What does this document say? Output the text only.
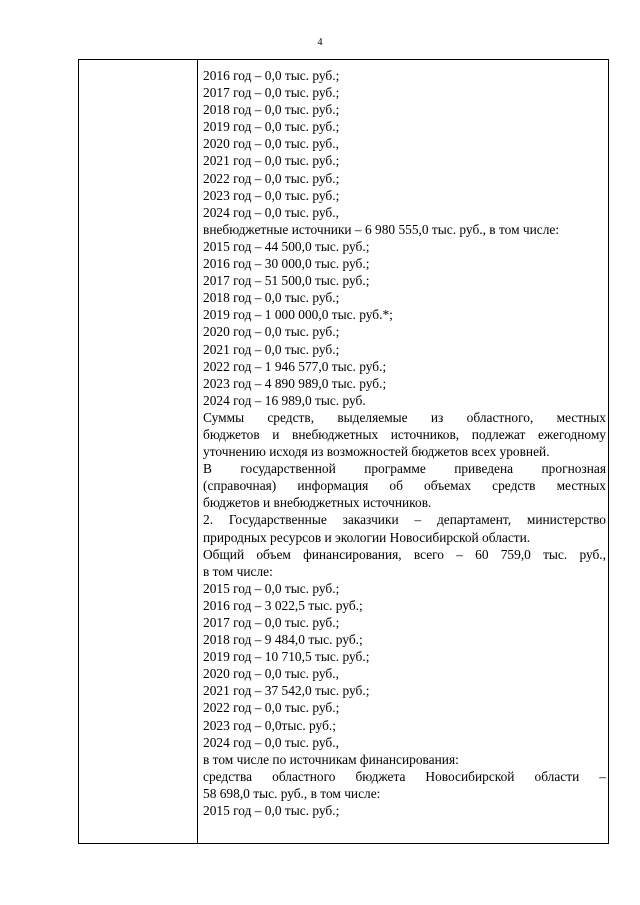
4
2016 год – 0,0 тыс. руб.;
2017 год – 0,0 тыс. руб.;
2018 год – 0,0 тыс. руб.;
2019 год – 0,0 тыс. руб.;
2020 год – 0,0 тыс. руб.,
2021 год – 0,0 тыс. руб.;
2022 год – 0,0 тыс. руб.;
2023 год – 0,0 тыс. руб.;
2024 год – 0,0 тыс. руб.,
внебюджетные источники – 6 980 555,0 тыс. руб., в том числе:
2015 год – 44 500,0 тыс. руб.;
2016 год – 30 000,0 тыс. руб.;
2017 год – 51 500,0 тыс. руб.;
2018 год – 0,0 тыс. руб.;
2019 год – 1 000 000,0 тыс. руб.*;
2020 год – 0,0 тыс. руб.;
2021 год – 0,0 тыс. руб.;
2022 год – 1 946 577,0 тыс. руб.;
2023 год – 4 890 989,0 тыс. руб.;
2024 год – 16 989,0 тыс. руб.
Суммы средств, выделяемые из областного, местных
бюджетов и внебюджетных источников, подлежат ежегодному
уточнению исходя из возможностей бюджетов всех уровней.
В государственной программе приведена прогнозная
(справочная) информация об объемах средств местных
бюджетов и внебюджетных источников.
2. Государственные заказчики – департамент, министерство
природных ресурсов и экологии Новосибирской области.
Общий объем финансирования, всего – 60 759,0 тыс. руб.,
в том числе:
2015 год – 0,0 тыс. руб.;
2016 год – 3 022,5 тыс. руб.;
2017 год – 0,0 тыс. руб.;
2018 год – 9 484,0 тыс. руб.;
2019 год – 10 710,5 тыс. руб.;
2020 год – 0,0 тыс. руб.,
2021 год – 37 542,0 тыс. руб.;
2022 год – 0,0 тыс. руб.;
2023 год – 0,0тыс. руб.;
2024 год – 0,0 тыс. руб.,
в том числе по источникам финансирования:
средства областного бюджета Новосибирской области –
58 698,0 тыс. руб., в том числе:
2015 год – 0,0 тыс. руб.;
